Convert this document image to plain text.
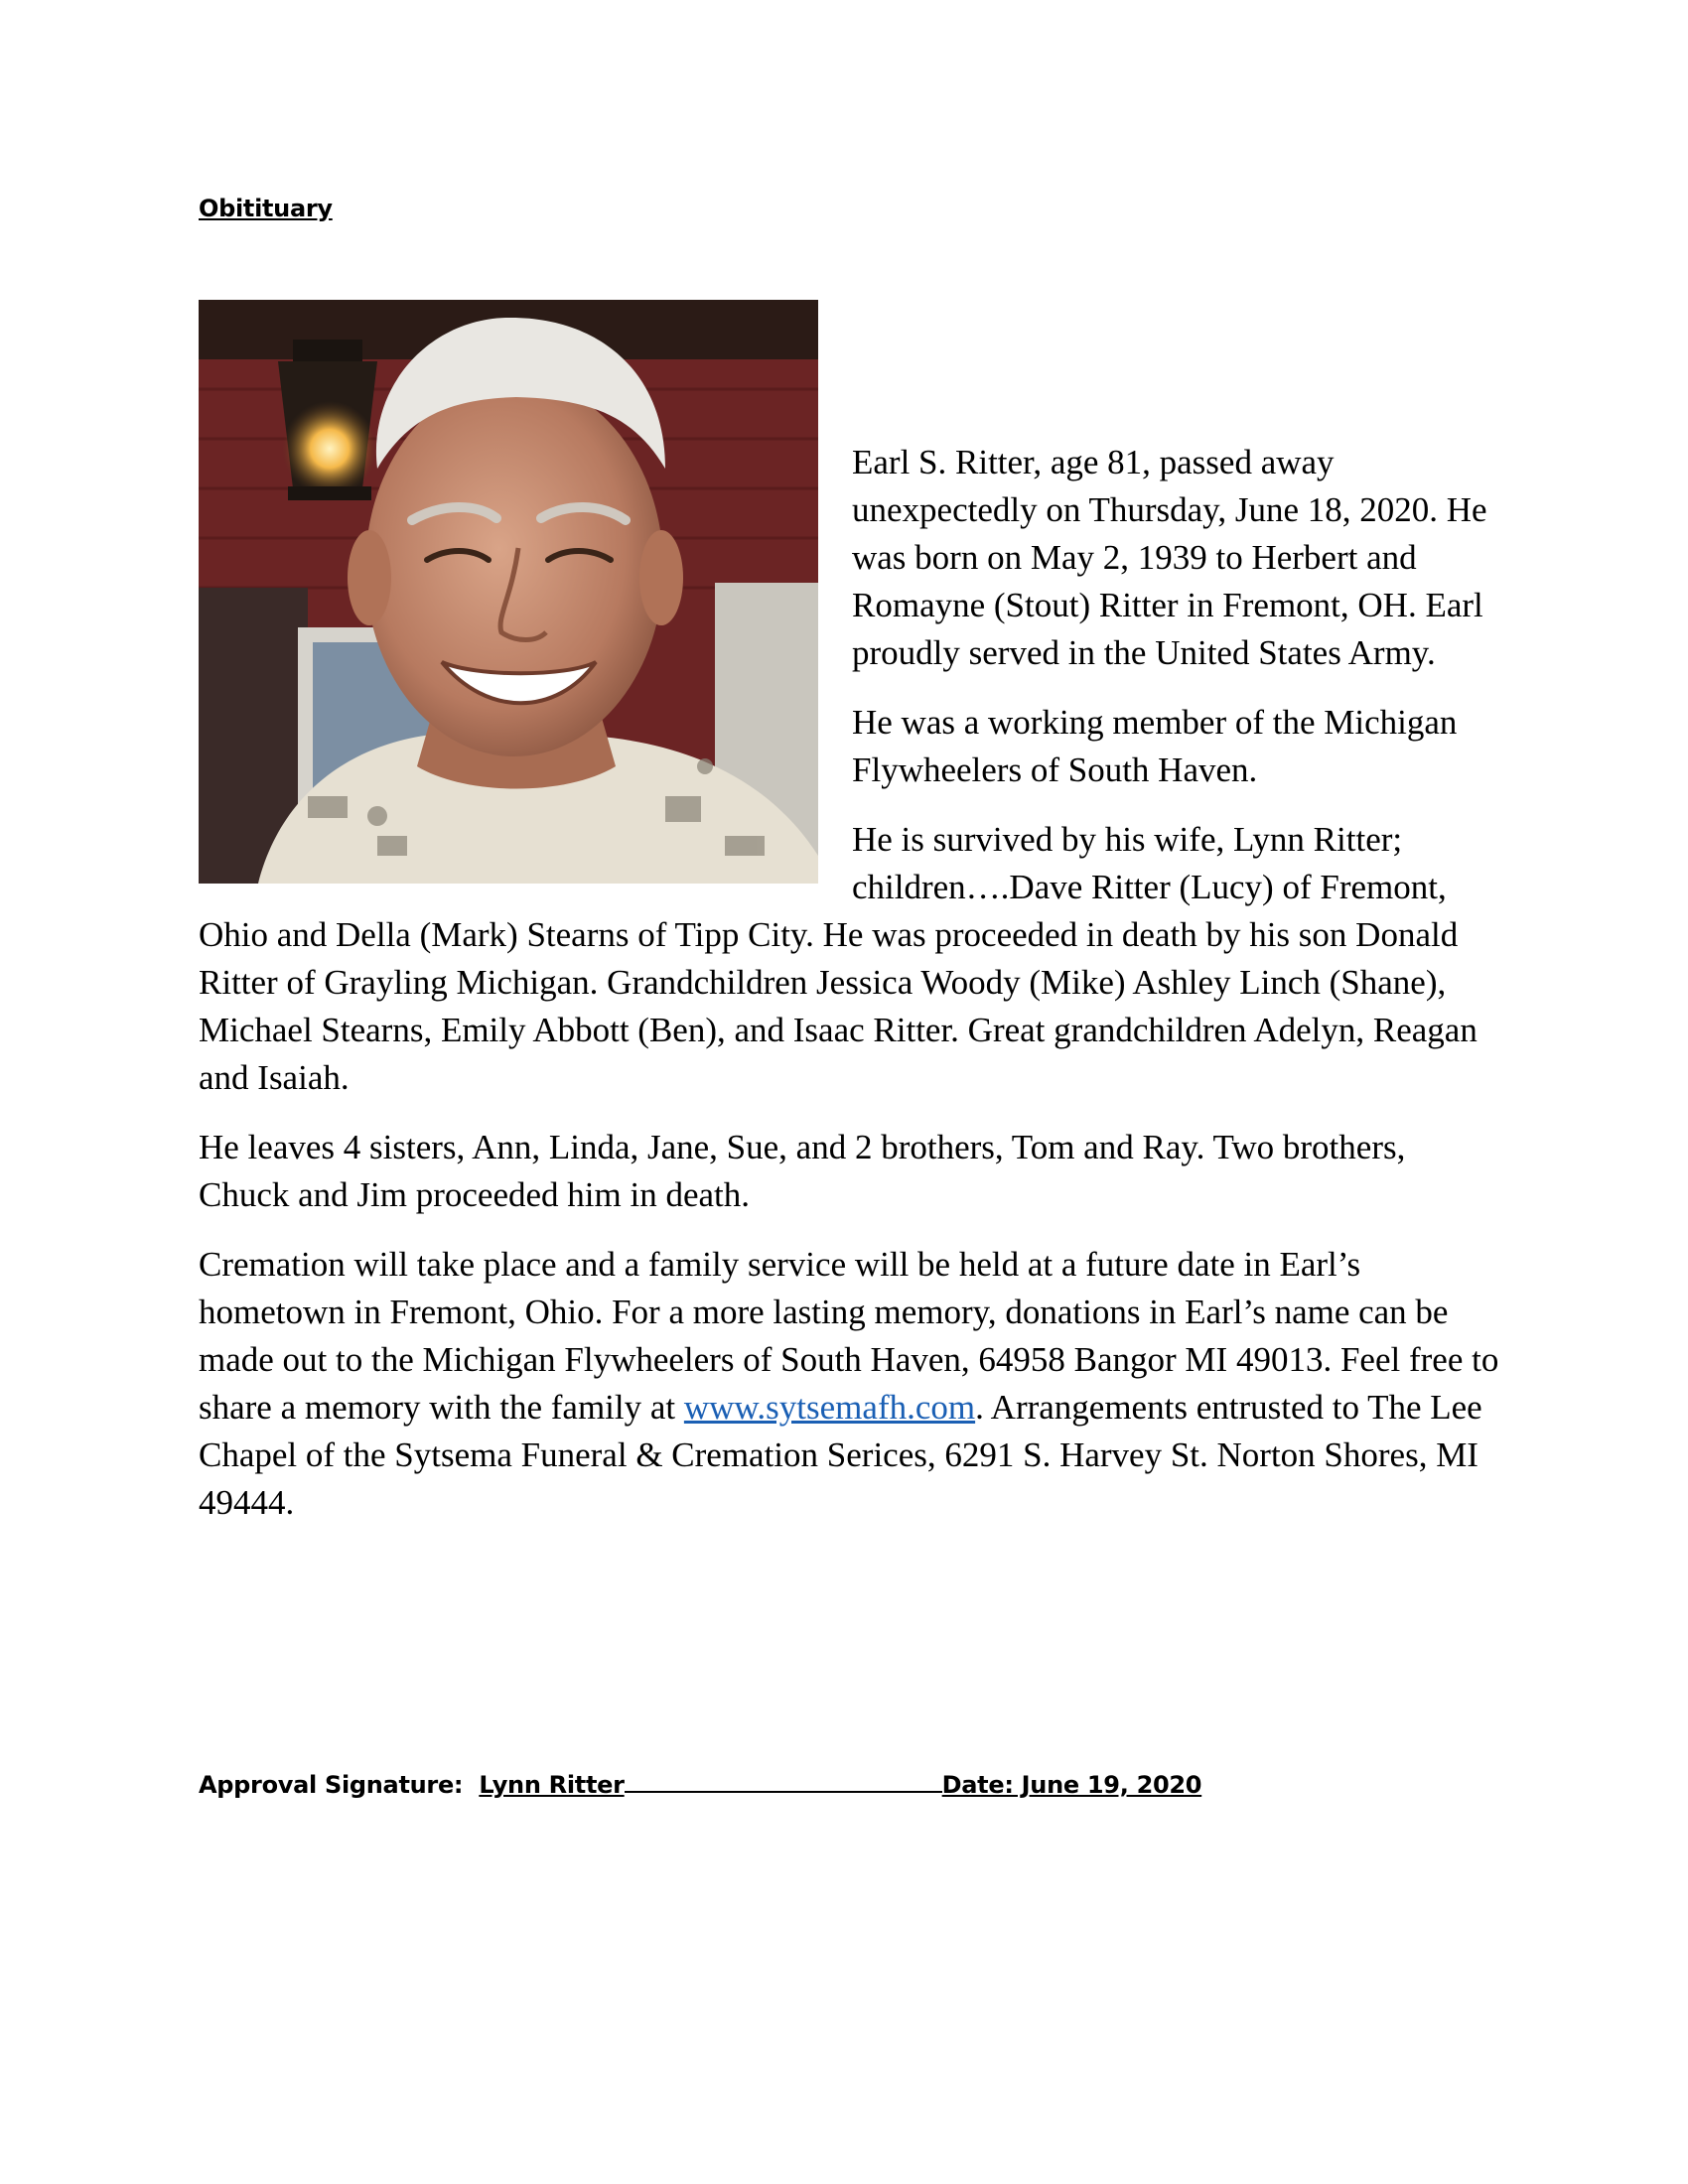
Obitituary

Earl S. Ritter, age 81, passed away unexpectedly on Thursday, June 18, 2020. He was born on May 2, 1939 to Herbert and Romayne (Stout) Ritter in Fremont, OH. Earl proudly served in the United States Army.

He was a working member of the Michigan Flywheelers of South Haven.

He is survived by his wife, Lynn Ritter; children….Dave Ritter (Lucy) of Fremont, Ohio and Della (Mark) Stearns of Tipp City. He was proceeded in death by his son Donald Ritter of Grayling Michigan. Grandchildren Jessica Woody (Mike) Ashley Linch (Shane), Michael Stearns, Emily Abbott (Ben), and Isaac Ritter. Great grandchildren Adelyn, Reagan and Isaiah.

He leaves 4 sisters, Ann, Linda, Jane, Sue, and 2 brothers, Tom and Ray. Two brothers, Chuck and Jim proceeded him in death.

Cremation will take place and a family service will be held at a future date in Earl’s hometown in Fremont, Ohio. For a more lasting memory, donations in Earl’s name can be made out to the Michigan Flywheelers of South Haven, 64958 Bangor MI 49013. Feel free to share a memory with the family at www.sytsemafh.com. Arrangements entrusted to The Lee Chapel of the Sytsema Funeral & Cremation Serices, 6291 S. Harvey St. Norton Shores, MI 49444.

Approval Signature:  Lynn Ritter	Date: June 19, 2020
